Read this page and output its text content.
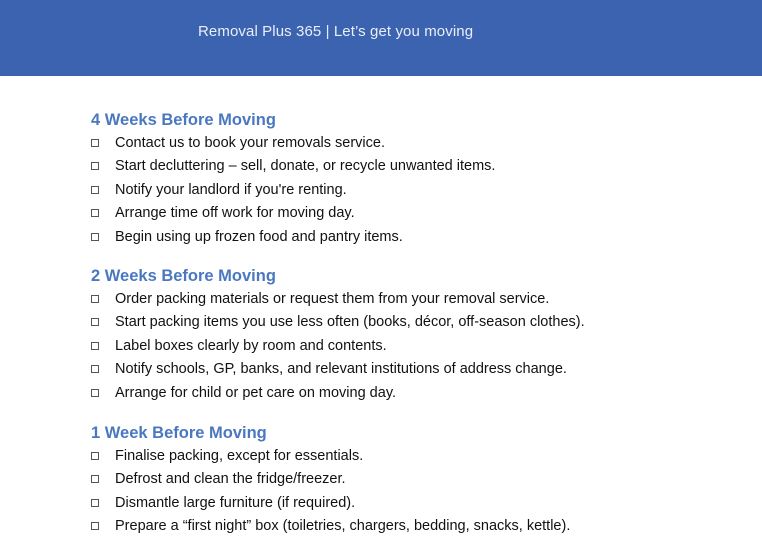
Removal Plus 365 | Let’s get you moving
4 Weeks Before Moving
Contact us to book your removals service.
Start decluttering – sell, donate, or recycle unwanted items.
Notify your landlord if you're renting.
Arrange time off work for moving day.
Begin using up frozen food and pantry items.
2 Weeks Before Moving
Order packing materials or request them from your removal service.
Start packing items you use less often (books, décor, off-season clothes).
Label boxes clearly by room and contents.
Notify schools, GP, banks, and relevant institutions of address change.
Arrange for child or pet care on moving day.
1 Week Before Moving
Finalise packing, except for essentials.
Defrost and clean the fridge/freezer.
Dismantle large furniture (if required).
Prepare a “first night” box (toiletries, chargers, bedding, snacks, kettle).
